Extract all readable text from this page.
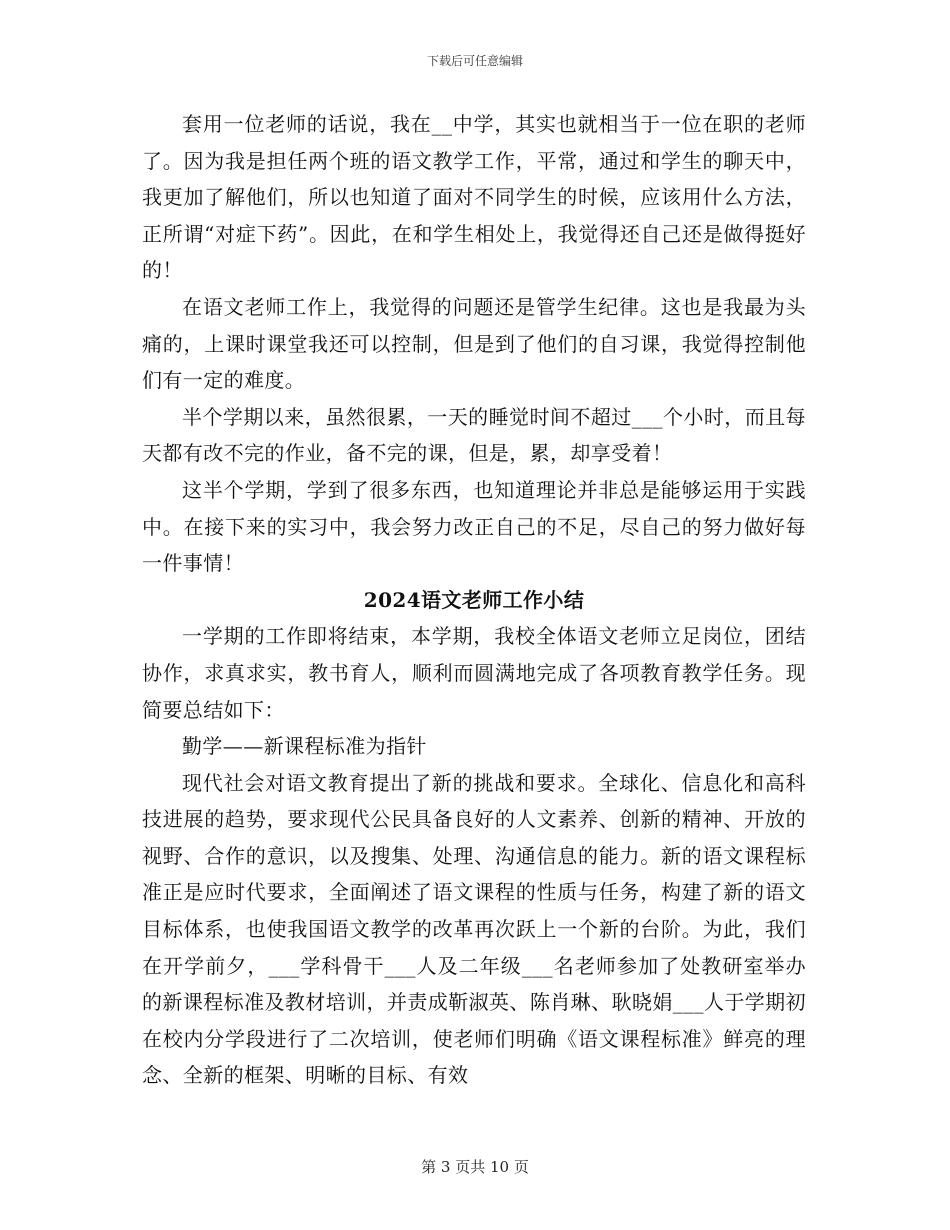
下载后可任意编辑

套用一位老师的话说，我在__中学，其实也就相当于一位在职的老师了。因为我是担任两个班的语文教学工作，平常，通过和学生的聊天中，我更加了解他们，所以也知道了面对不同学生的时候，应该用什么方法，正所谓“对症下药”。因此，在和学生相处上，我觉得还自己还是做得挺好的！

在语文老师工作上，我觉得的问题还是管学生纪律。这也是我最为头痛的，上课时课堂我还可以控制，但是到了他们的自习课，我觉得控制他们有一定的难度。

半个学期以来，虽然很累，一天的睡觉时间不超过___个小时，而且每天都有改不完的作业，备不完的课，但是，累，却享受着！

这半个学期，学到了很多东西，也知道理论并非总是能够运用于实践中。在接下来的实习中，我会努力改正自己的不足，尽自己的努力做好每一件事情！

2024语文老师工作小结

一学期的工作即将结束，本学期，我校全体语文老师立足岗位，团结协作，求真求实，教书育人，顺利而圆满地完成了各项教育教学任务。现简要总结如下：

勤学——新课程标准为指针

现代社会对语文教育提出了新的挑战和要求。全球化、信息化和高科技进展的趋势，要求现代公民具备良好的人文素养、创新的精神、开放的视野、合作的意识，以及搜集、处理、沟通信息的能力。新的语文课程标准正是应时代要求，全面阐述了语文课程的性质与任务，构建了新的语文目标体系，也使我国语文教学的改革再次跃上一个新的台阶。为此，我们在开学前夕，___学科骨干___人及二年级___名老师参加了处教研室举办的新课程标准及教材培训，并责成靳淑英、陈肖琳、耿晓娟___人于学期初在校内分学段进行了二次培训，使老师们明确《语文课程标准》鲜亮的理念、全新的框架、明晰的目标、有效

第 3 页共 10 页
